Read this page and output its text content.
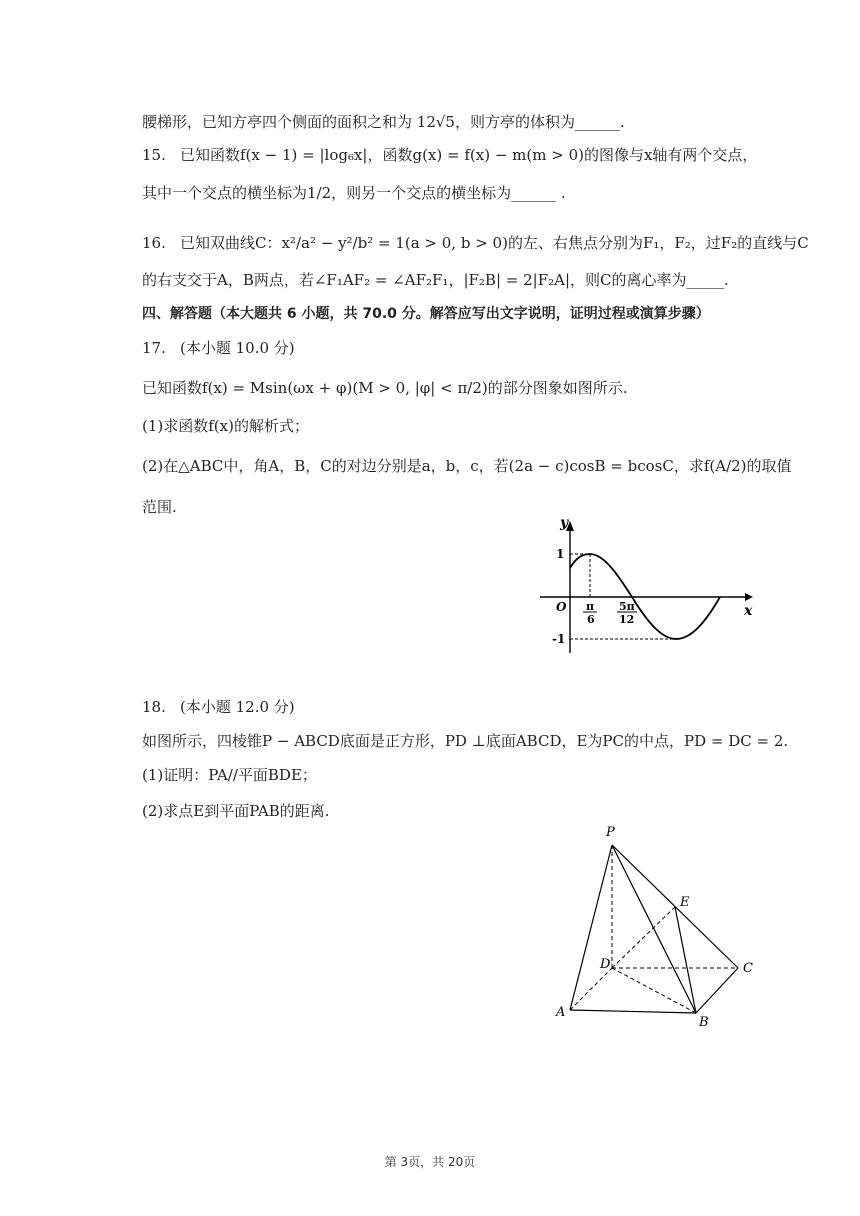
腰梯形，已知方亭四个侧面的面积之和为 12√5，则方亭的体积为______.
15. 已知函数f(x − 1) = |log₆x|，函数g(x) = f(x) − m(m > 0)的图像与x轴有两个交点，
其中一个交点的横坐标为1/2，则另一个交点的横坐标为______ .
16. 已知双曲线C：x²/a² − y²/b² = 1(a > 0, b > 0)的左、右焦点分别为F₁，F₂，过F₂的直线与C
的右支交于A，B两点，若∠F₁AF₂ = ∠AF₂F₁，|F₂B| = 2|F₂A|，则C的离心率为_____.
四、解答题（本大题共 6 小题，共 70.0 分。解答应写出文字说明，证明过程或演算步骤）
17. (本小题 10.0 分)
已知函数f(x) = Msin(ωx + φ)(M > 0, |φ| < π/2)的部分图象如图所示.
(1)求函数f(x)的解析式；
(2)在△ABC中，角A，B，C的对边分别是a，b，c，若(2a − c)cosB = bcosC，求f(A/2)的取值
范围.
y
x
O
1
-1
π
6
5π
12
18. (本小题 12.0 分)
如图所示，四棱锥P − ABCD底面是正方形，PD ⊥底面ABCD，E为PC的中点，PD = DC = 2.
(1)证明：PA//平面BDE；
(2)求点E到平面PAB的距离.
P
E
D	C
A
B
第 3页，共 20页
